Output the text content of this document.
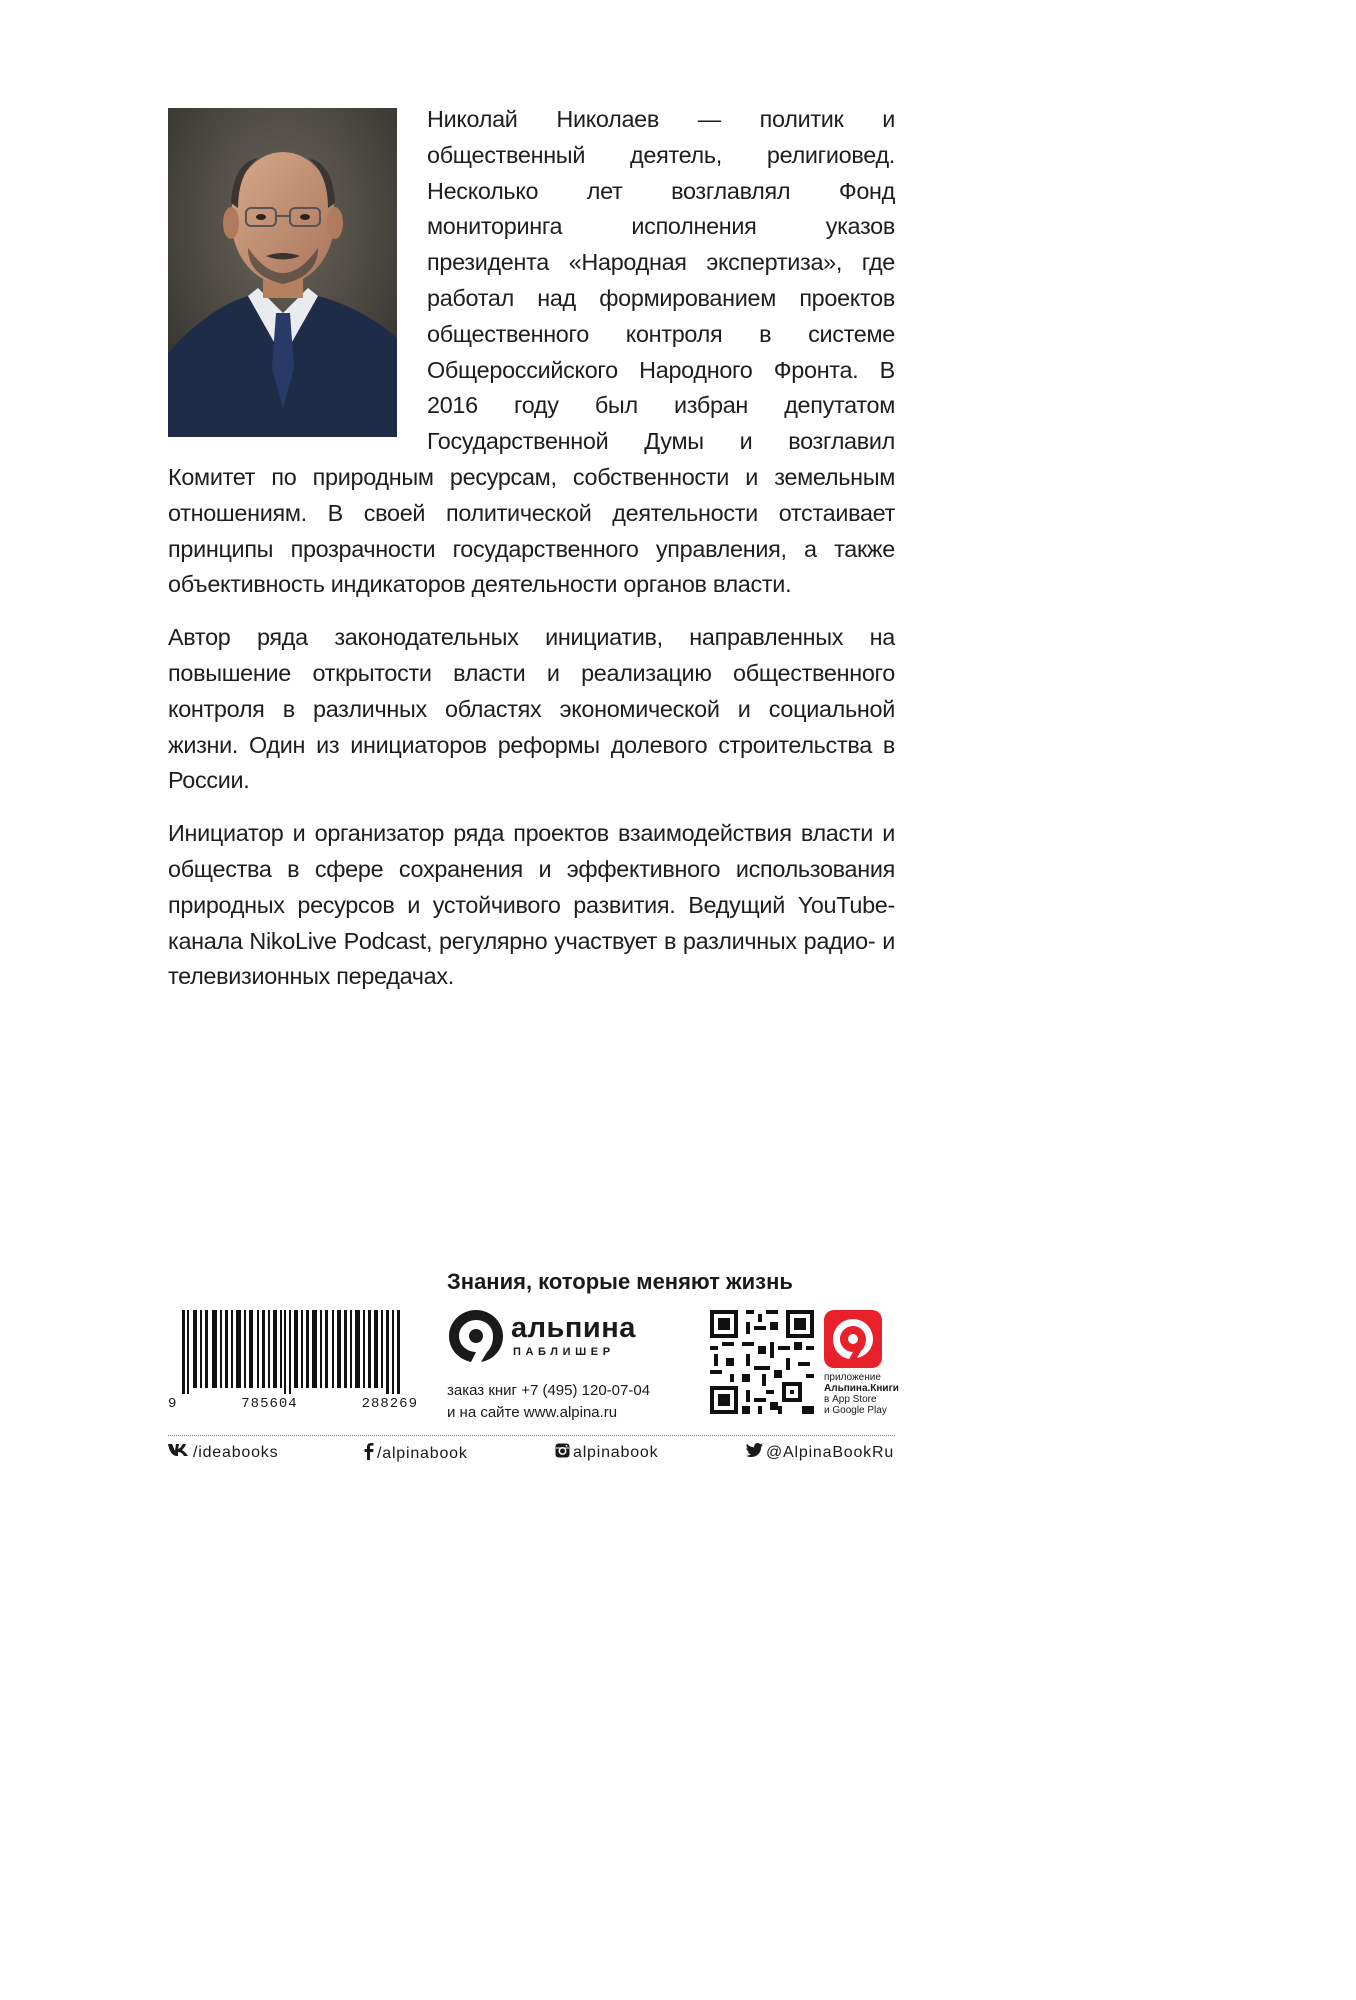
Николай Николаев — политик и общественный деятель, религиовед. Несколько лет возглавлял Фонд мониторинга исполнения указов президента «Народная экспертиза», где работал над формированием проектов общественного контроля в системе Общероссийского Народного Фронта. В 2016 году был избран депутатом Государственной Думы и возглавил Комитет по природным ресурсам, собственности и земельным отношениям. В своей политической деятельности отстаивает принципы прозрачности государственного управления, а также объективность индикаторов деятельности органов власти.

Автор ряда законодательных инициатив, направленных на повышение открытости власти и реализацию общественного контроля в различных областях экономической и социальной жизни. Один из инициаторов реформы долевого строительства в России.

Инициатор и организатор ряда проектов взаимодействия власти и общества в сфере сохранения и эффективного использования природных ресурсов и устойчивого развития. Ведущий YouTube-канала NikoLive Podcast, регулярно участвует в различных радио- и телевизионных передачах.

Знания, которые меняют жизнь
9	785604	288269
альпина
ПАБЛИШЕР
заказ книг +7 (495) 120-07-04
и на сайте www.alpina.ru
приложение
Альпина.Книги
в App Store
и Google Play
/ideabooks	/alpinabook	alpinabook	@AlpinaBookRu
